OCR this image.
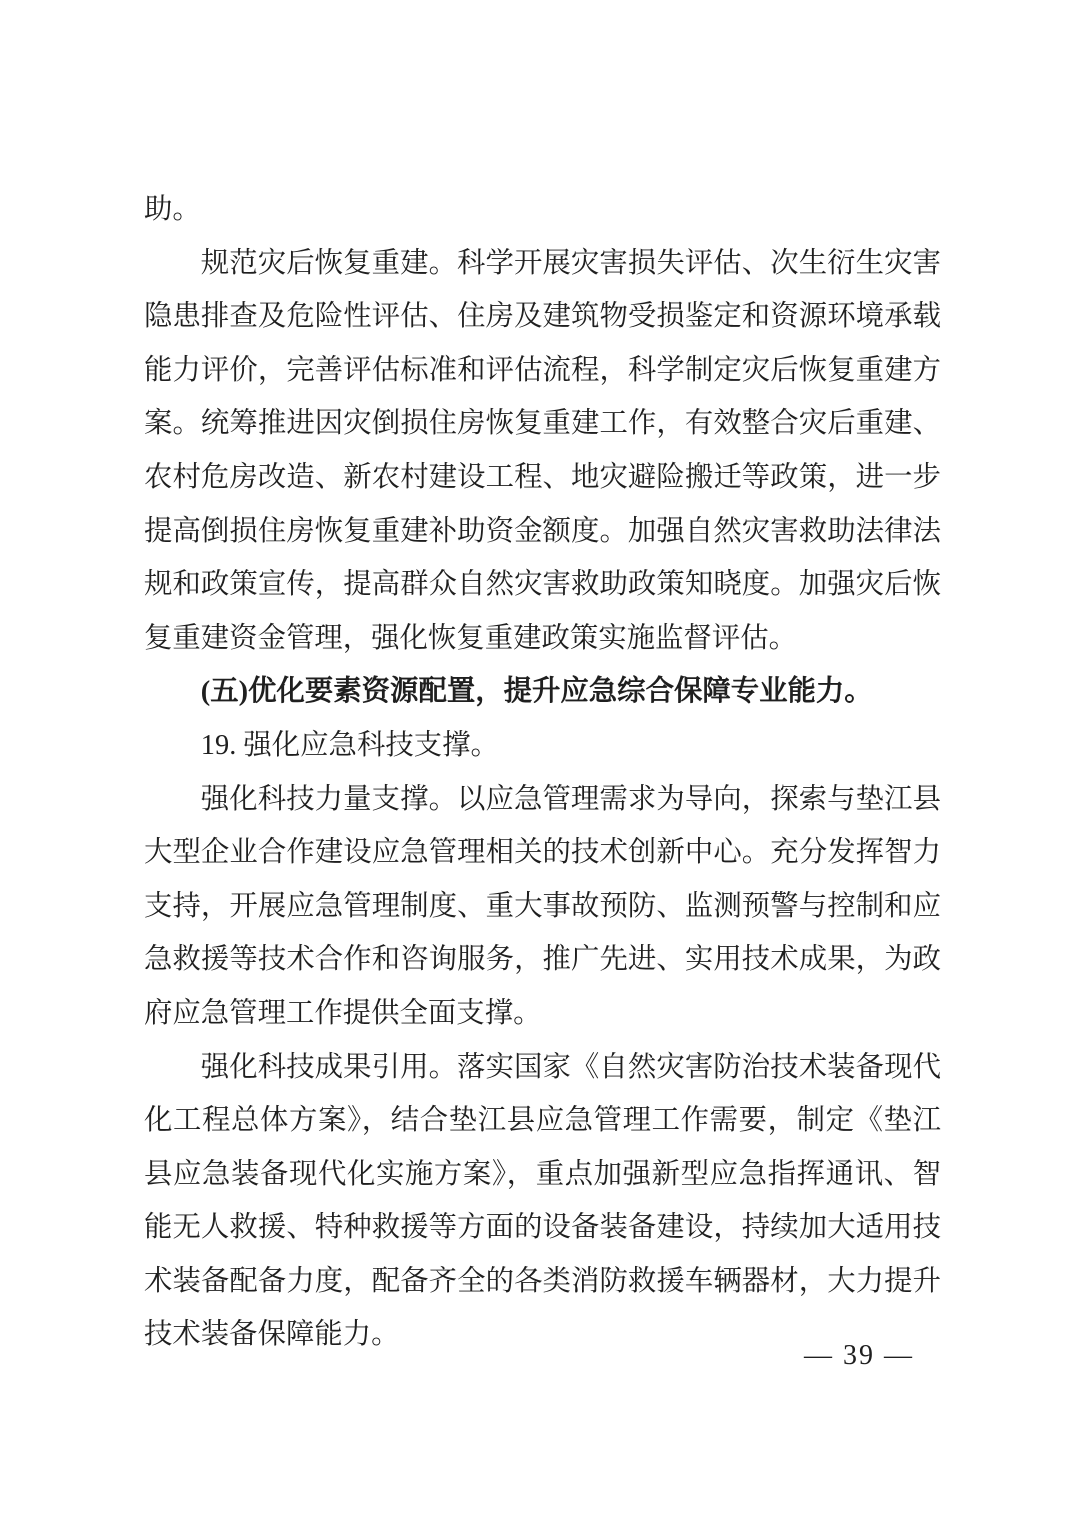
助。

规范灾后恢复重建。科学开展灾害损失评估、次生衍生灾害隐患排查及危险性评估、住房及建筑物受损鉴定和资源环境承载能力评价，完善评估标准和评估流程，科学制定灾后恢复重建方案。统筹推进因灾倒损住房恢复重建工作，有效整合灾后重建、农村危房改造、新农村建设工程、地灾避险搬迁等政策，进一步提高倒损住房恢复重建补助资金额度。加强自然灾害救助法律法规和政策宣传，提高群众自然灾害救助政策知晓度。加强灾后恢复重建资金管理，强化恢复重建政策实施监督评估。

(五)优化要素资源配置，提升应急综合保障专业能力。

19. 强化应急科技支撑。

强化科技力量支撑。以应急管理需求为导向，探索与垫江县大型企业合作建设应急管理相关的技术创新中心。充分发挥智力支持，开展应急管理制度、重大事故预防、监测预警与控制和应急救援等技术合作和咨询服务，推广先进、实用技术成果，为政府应急管理工作提供全面支撑。

强化科技成果引用。落实国家《自然灾害防治技术装备现代化工程总体方案》，结合垫江县应急管理工作需要，制定《垫江县应急装备现代化实施方案》，重点加强新型应急指挥通讯、智能无人救援、特种救援等方面的设备装备建设，持续加大适用技术装备配备力度，配备齐全的各类消防救援车辆器材，大力提升技术装备保障能力。

— 39 —
